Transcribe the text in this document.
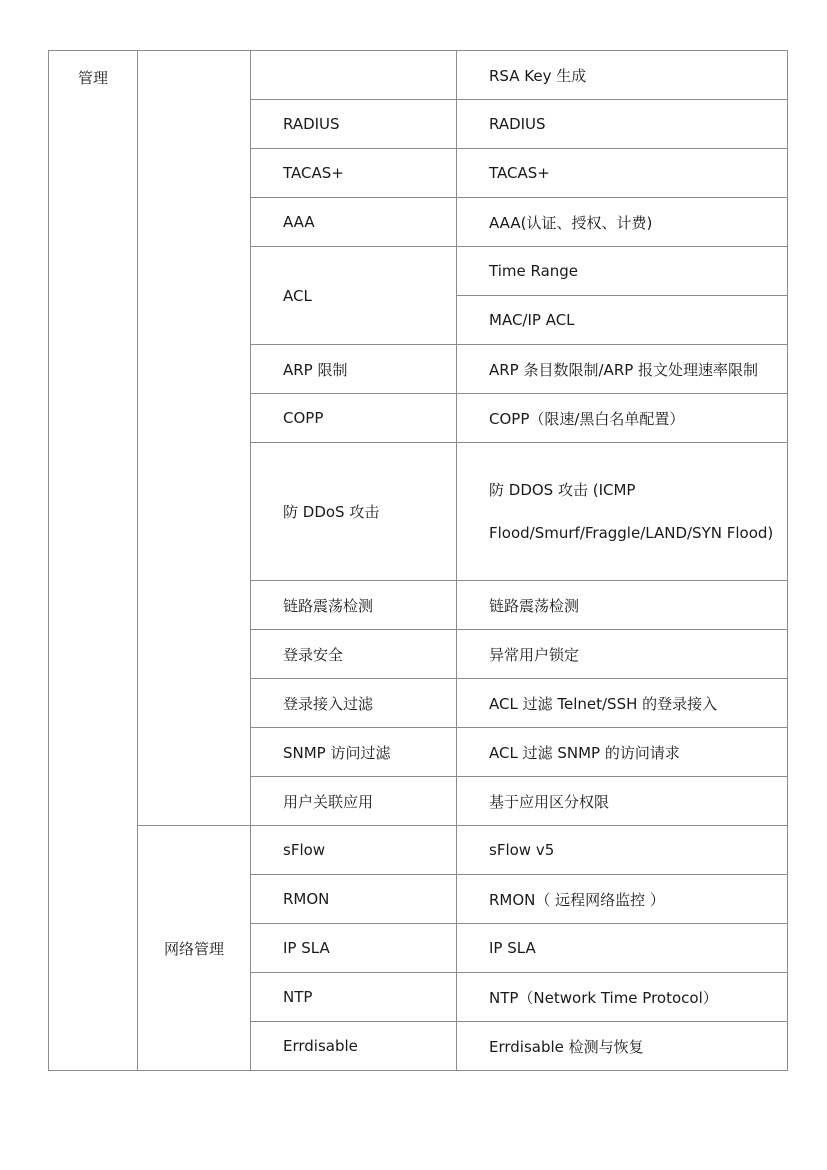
管理			RSA Key 生成
		RADIUS	RADIUS
		TACAS+	TACAS+
		AAA	AAA(认证、授权、计费)
		ACL	Time Range
			MAC/IP ACL
		ARP 限制	ARP 条目数限制/ARP 报文处理速率限制
		COPP	COPP（限速/黑白名单配置）
		防 DDoS 攻击	防 DDOS 攻击 (ICMP Flood/Smurf/Fraggle/LAND/SYN Flood)
		链路震荡检测	链路震荡检测
		登录安全	异常用户锁定
		登录接入过滤	ACL 过滤 Telnet/SSH 的登录接入
		SNMP 访问过滤	ACL 过滤 SNMP 的访问请求
		用户关联应用	基于应用区分权限
	网络管理	sFlow	sFlow v5
		RMON	RMON（ 远程网络监控 ）
		IP SLA	IP SLA
		NTP	NTP（Network Time Protocol）
		Errdisable	Errdisable 检测与恢复
